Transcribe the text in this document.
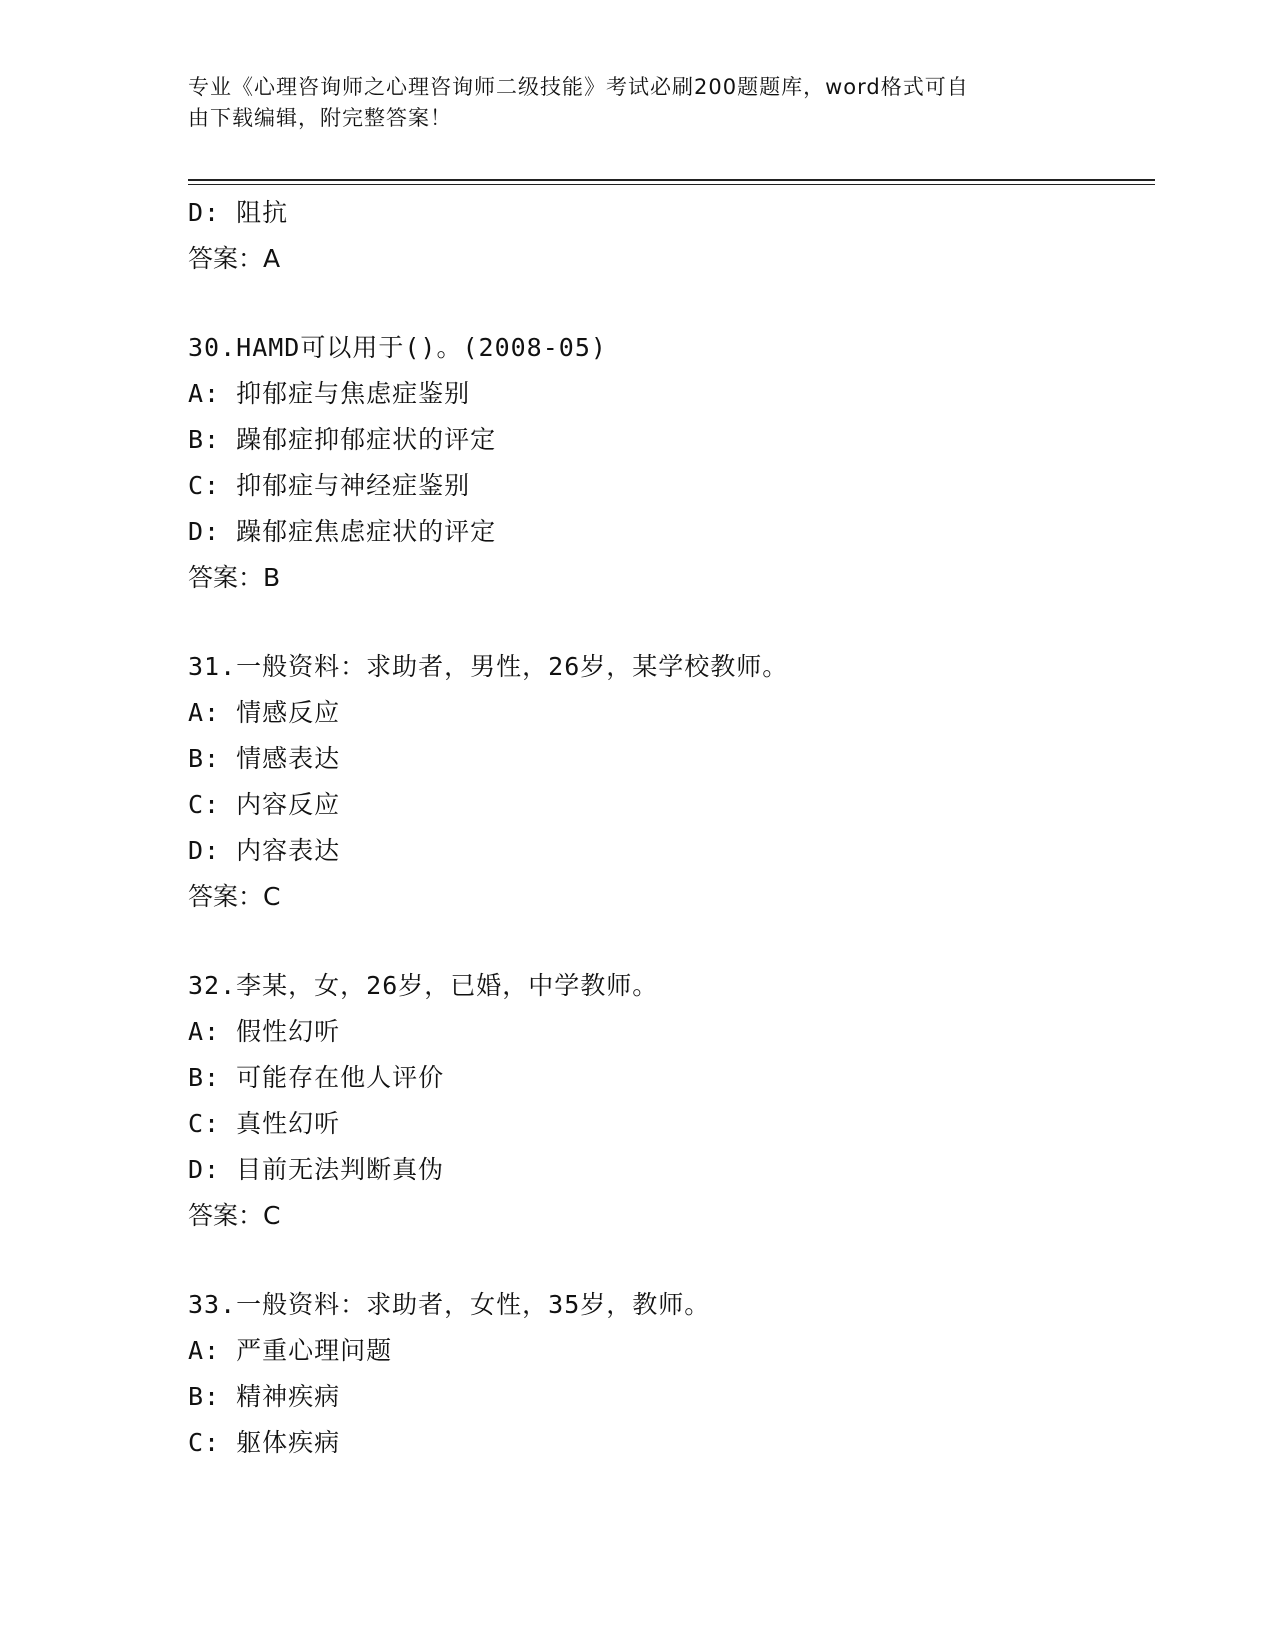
专业《心理咨询师之心理咨询师二级技能》考试必刷200题题库，word格式可自
由下载编辑，附完整答案！
D: 阻抗
答案：A
30.HAMD可以用于()。(2008-05)
A: 抑郁症与焦虑症鉴别
B: 躁郁症抑郁症状的评定
C: 抑郁症与神经症鉴别
D: 躁郁症焦虑症状的评定
答案：B
31.一般资料：求助者，男性，26岁，某学校教师。
A: 情感反应
B: 情感表达
C: 内容反应
D: 内容表达
答案：C
32.李某，女，26岁，已婚，中学教师。
A: 假性幻听
B: 可能存在他人评价
C: 真性幻听
D: 目前无法判断真伪
答案：C
33.一般资料：求助者，女性，35岁，教师。
A: 严重心理问题
B: 精神疾病
C: 躯体疾病
